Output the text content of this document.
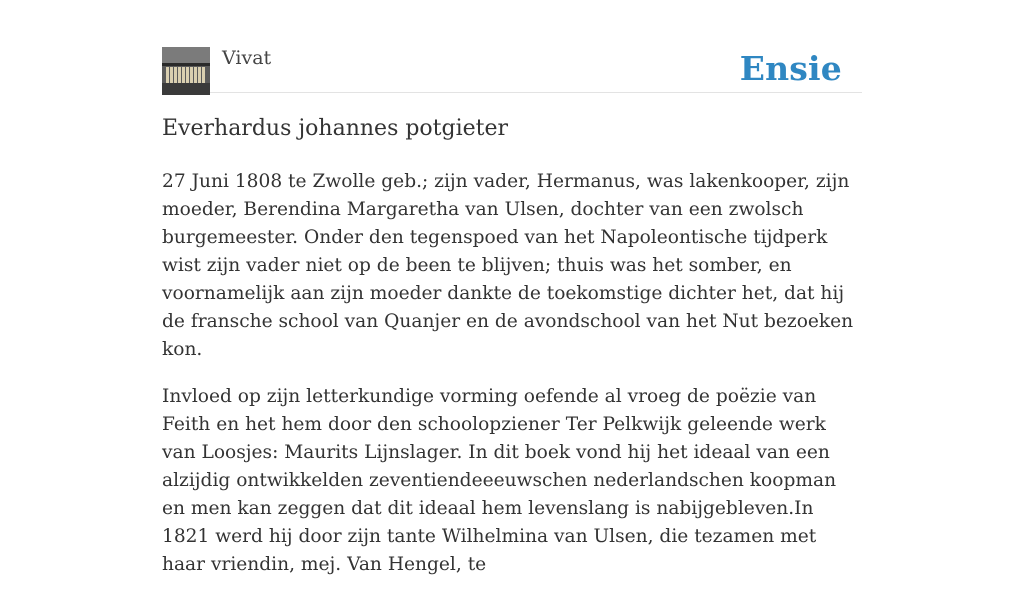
Vivat	Ensie
Everhardus johannes potgieter

27 Juni 1808 te Zwolle geb.; zijn vader, Hermanus, was lakenkooper, zijn moeder, Berendina Margaretha van Ulsen, dochter van een zwolsch burgemeester. Onder den tegenspoed van het Napoleontische tijdperk wist zijn vader niet op de been te blijven; thuis was het somber, en voornamelijk aan zijn moeder dankte de toekomstige dichter het, dat hij de fransche school van Quanjer en de avondschool van het Nut bezoeken kon.

Invloed op zijn letterkundige vorming oefende al vroeg de poëzie van Feith en het hem door den schoolopziener Ter Pelkwijk geleende werk van Loosjes: Maurits Lijnslager. In dit boek vond hij het ideaal van een alzijdig ontwikkelden zeventiendeeeuwschen nederlandschen koopman en men kan zeggen dat dit ideaal hem levenslang is nabijgebleven.In 1821 werd hij door zijn tante Wilhelmina van Ulsen, die tezamen met haar vriendin, mej. Van Hengel, te
